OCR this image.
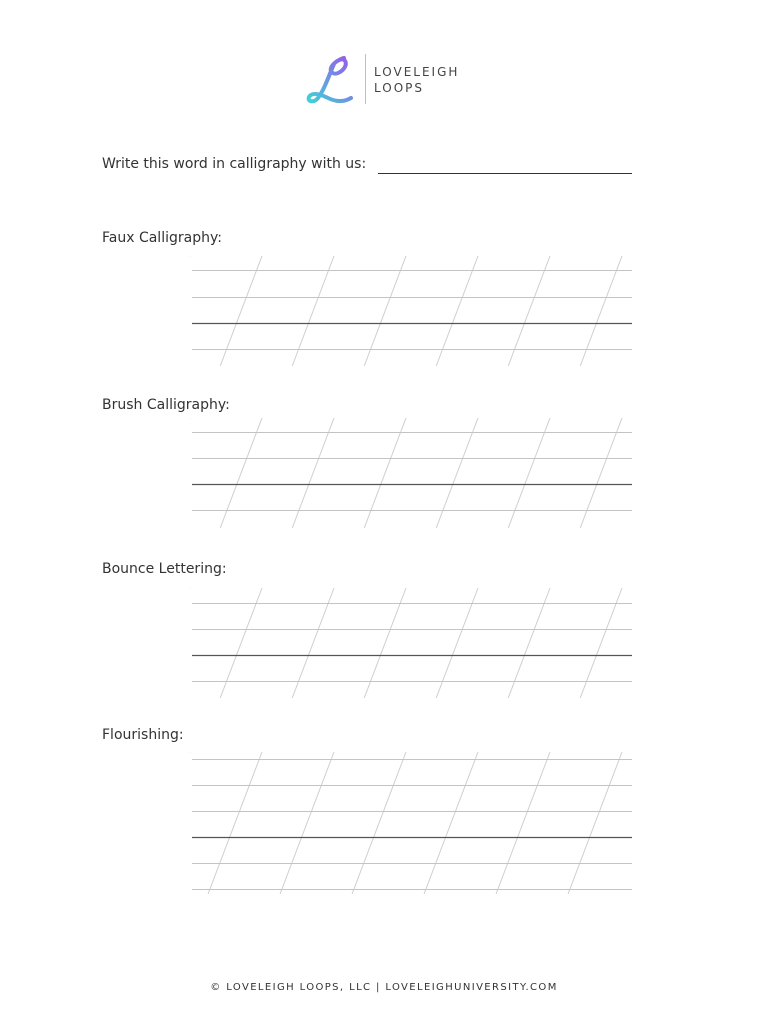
LOVELEIGH
LOOPS
Write this word in calligraphy with us:
Faux Calligraphy:
Brush Calligraphy:
Bounce Lettering:
Flourishing:
© LOVELEIGH LOOPS, LLC | LOVELEIGHUNIVERSITY.COM
